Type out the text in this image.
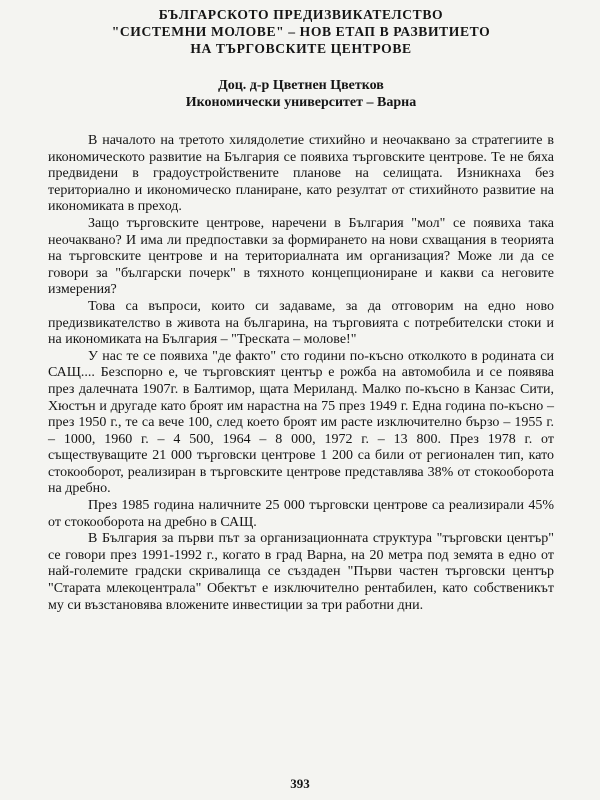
БЪЛГАРСКОТО ПРЕДИЗВИКАТЕЛСТВО
"СИСТЕМНИ МОЛОВЕ" – НОВ ЕТАП В РАЗВИТИЕТО
НА ТЪРГОВСКИТЕ ЦЕНТРОВЕ
Доц. д-р Цветнен Цветков
Икономически университет – Варна

В началото на третото хилядолетие стихийно и неочаквано за стратегиите в икономическото развитие на България се появиха търговските центрове. Те не бяха предвидени в градоустройствените планове на селищата. Изникнаха без териториално и икономическо планиране, като резултат от стихийното развитие на икономиката в преход.

Защо търговските центрове, наречени в България "мол" се появиха така неочаквано? И има ли предпоставки за формирането на нови схващания в теорията на търговските центрове и на териториалната им организация? Може ли да се говори за "български почерк" в тяхното концепциониране и какви са неговите измерения?

Това са въпроси, които си задаваме, за да отговорим на едно ново предизвикателство в живота на българина, на търговията с потребителски стоки и на икономиката на България – "Треската – молове!"

У нас те се появиха "де факто" сто години по-късно отколкото в родината си САЩ.... Безспорно е, че търговският център е рожба на автомобила и се появява през далечната 1907г. в Балтимор, щата Мериланд. Малко по-късно в Канзас Сити, Хюстън и другаде като броят им нарастна на 75 през 1949 г. Една година по-късно – през 1950 г., те са вече 100, след което броят им расте изключително бързо – 1955 г. – 1000, 1960 г. – 4 500, 1964 – 8 000, 1972 г. – 13 800. През 1978 г. от съществуващите 21 000 търговски центрове 1 200 са били от регионален тип, като стокооборот, реализиран в търговските центрове представлява 38% от стокооборота на дребно.

През 1985 година наличните 25 000 търговски центрове са реализирали 45% от стокооборота на дребно в САЩ.

В България за първи път за организационната структура "търговски център" се говори през 1991-1992 г., когато в град Варна, на 20 метра под земята в едно от най-големите градски скривалища се създаден "Първи частен търговски център "Старата млекоцентрала" Обектът е изключително рентабилен, като собственикът му си възстановява вложените инвестиции за три работни дни.

393
